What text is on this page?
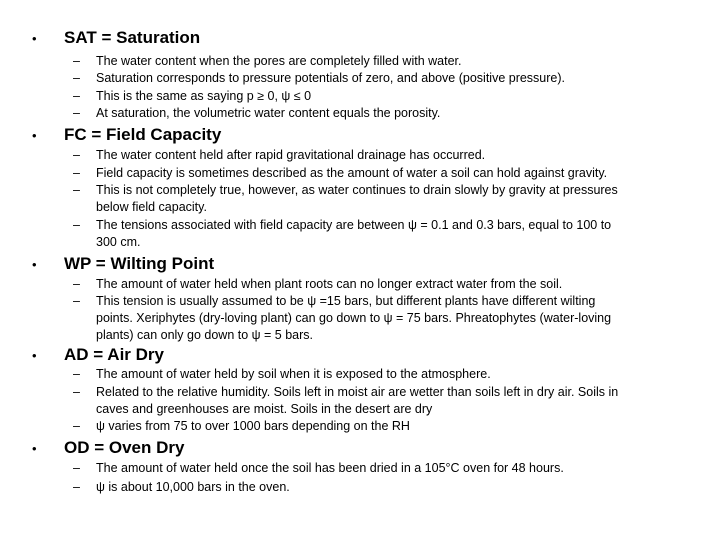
• SAT = Saturation
– The water content when the pores are completely filled with water.
– Saturation corresponds to pressure potentials of zero, and above (positive pressure).
– This is the same as saying p ≥ 0, ψ ≤ 0
– At saturation, the volumetric water content equals the porosity.
• FC = Field Capacity
– The water content held after rapid gravitational drainage has occurred.
– Field capacity is sometimes described as the amount of water a soil can hold against gravity.
– This is not completely true, however, as water continues to drain slowly by gravity at pressures
below field capacity.
– The tensions associated with field capacity are between ψ = 0.1 and 0.3 bars, equal to 100 to
300 cm.
• WP = Wilting Point
– The amount of water held when plant roots can no longer extract water from the soil.
– This tension is usually assumed to be ψ =15 bars, but different plants have different wilting
points. Xeriphytes (dry-loving plant) can go down to ψ = 75 bars. Phreatophytes (water-loving
plants) can only go down to ψ = 5 bars.
• AD = Air Dry
– The amount of water held by soil when it is exposed to the atmosphere.
– Related to the relative humidity. Soils left in moist air are wetter than soils left in dry air. Soils in
caves and greenhouses are moist. Soils in the desert are dry
– ψ varies from 75 to over 1000 bars depending on the RH
• OD = Oven Dry
– The amount of water held once the soil has been dried in a 105°C oven for 48 hours.
– ψ is about 10,000 bars in the oven.
